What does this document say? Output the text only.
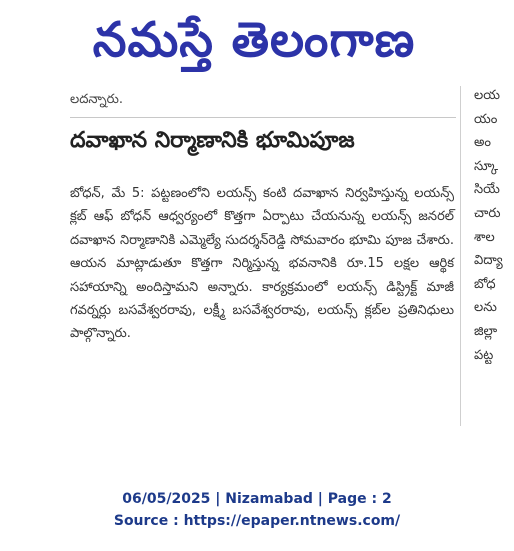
నమస్తే తెలంగాణ
లదన్నారు.
దవాఖాన నిర్మాణానికి భూమిపూజ

బోధన్, మే 5: పట్టణంలోని లయన్స్ కంటి దవాఖాన నిర్వహిస్తున్న లయన్స్ క్లబ్ ఆఫ్ బోధన్ ఆధ్వర్యంలో కొత్తగా ఏర్పాటు చేయనున్న లయన్స్ జనరల్ దవాఖాన నిర్మాణానికి ఎమ్మెల్యే సుదర్శన్‌రెడ్డి సోమవారం భూమి పూజ చేశారు. ఆయన మాట్లాడుతూ కొత్తగా నిర్మిస్తున్న భవనానికి రూ.15 లక్షల ఆర్థిక సహాయాన్ని అందిస్తామని అన్నారు. కార్యక్రమంలో లయన్స్ డిస్ట్రిక్ట్ మాజీ గవర్నర్లు బసవేశ్వరరావు, లక్ష్మీ బసవేశ్వరరావు, లయన్స్ క్లబ్‌ల ప్రతినిధులు పాల్గొన్నారు.

లయ
యం
అం
స్కూ
సియే
చారు
శాల
విద్యా
బోధ
లను
జిల్లా
పట్ట
06/05/2025 | Nizamabad | Page : 2
Source : https://epaper.ntnews.com/
